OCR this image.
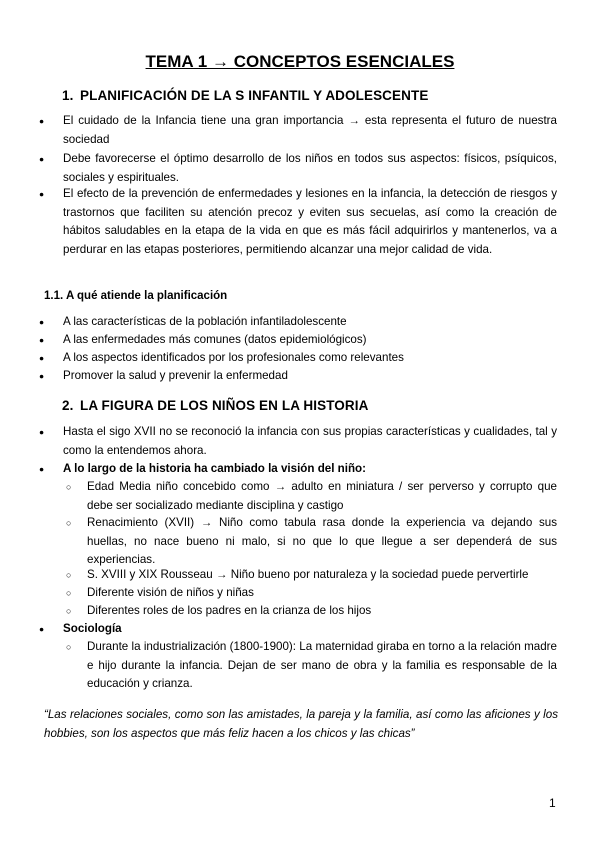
TEMA 1 → CONCEPTOS ESENCIALES
1. PLANIFICACIÓN DE LA S INFANTIL Y ADOLESCENTE
● El cuidado de la Infancia tiene una gran importancia → esta representa el futuro de nuestra sociedad
● Debe favorecerse el óptimo desarrollo de los niños en todos sus aspectos: físicos, psíquicos, sociales y espirituales.
● El efecto de la prevención de enfermedades y lesiones en la infancia, la detección de riesgos y trastornos que faciliten su atención precoz y eviten sus secuelas, así como la creación de hábitos saludables en la etapa de la vida en que es más fácil adquirirlos y mantenerlos, va a perdurar en las etapas posteriores, permitiendo alcanzar una mejor calidad de vida.
1.1. A qué atiende la planificación
● A las características de la población infantiladolescente
● A las enfermedades más comunes (datos epidemiológicos)
● A los aspectos identificados por los profesionales como relevantes
● Promover la salud y prevenir la enfermedad
2. LA FIGURA DE LOS NIÑOS EN LA HISTORIA
● Hasta el sigo XVII no se reconoció la infancia con sus propias características y cualidades, tal y como la entendemos ahora.
● A lo largo de la historia ha cambiado la visión del niño:
○ Edad Media niño concebido como → adulto en miniatura / ser perverso y corrupto que debe ser socializado mediante disciplina y castigo
○ Renacimiento (XVII) → Niño como tabula rasa donde la experiencia va dejando sus huellas, no nace bueno ni malo, si no que lo que llegue a ser dependerá de sus experiencias.
○ S. XVIII y XIX Rousseau → Niño bueno por naturaleza y la sociedad puede pervertirle
○ Diferente visión de niños y niñas
○ Diferentes roles de los padres en la crianza de los hijos
● Sociología
○ Durante la industrialización (1800-1900): La maternidad giraba en torno a la relación madre e hijo durante la infancia. Dejan de ser mano de obra y la familia es responsable de la educación y crianza.
“Las relaciones sociales, como son las amistades, la pareja y la familia, así como las aficiones y los hobbies, son los aspectos que más feliz hacen a los chicos y las chicas”
1
